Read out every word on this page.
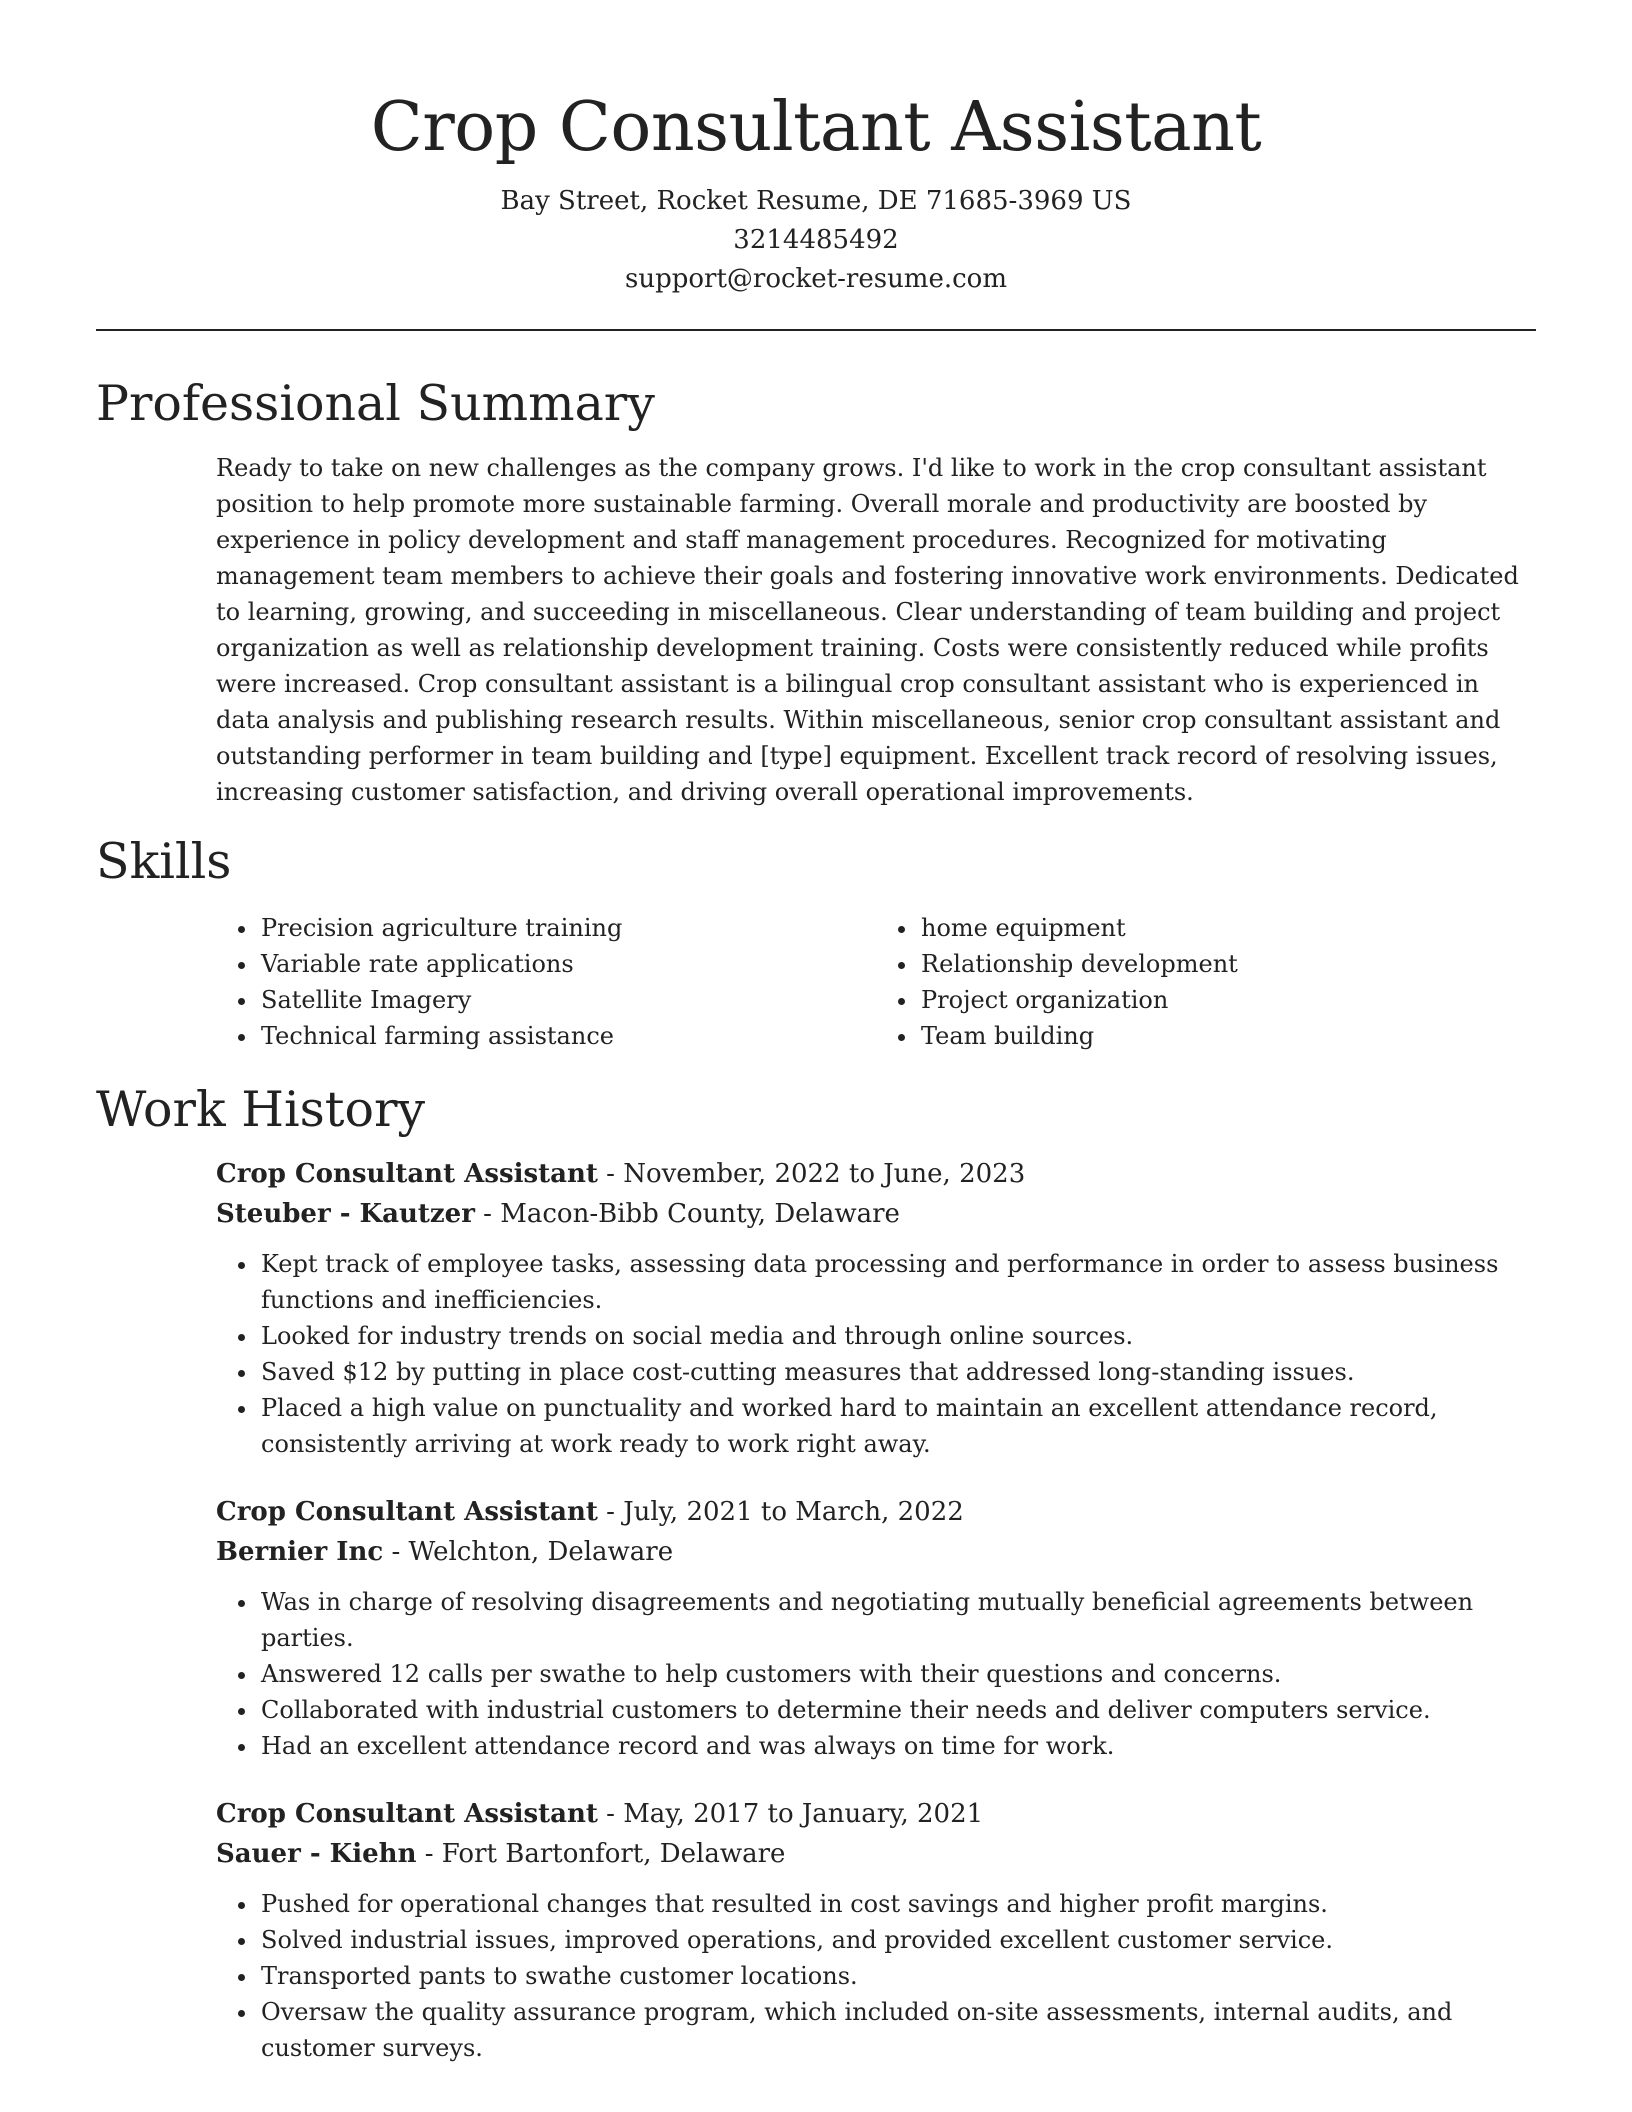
Crop Consultant Assistant
Bay Street, Rocket Resume, DE 71685-3969 US
3214485492
support@rocket-resume.com
Professional Summary

Ready to take on new challenges as the company grows. I'd like to work in the crop consultant assistant position to help promote more sustainable farming. Overall morale and productivity are boosted by experience in policy development and staff management procedures. Recognized for motivating management team members to achieve their goals and fostering innovative work environments. Dedicated to learning, growing, and succeeding in miscellaneous. Clear understanding of team building and project organization as well as relationship development training. Costs were consistently reduced while profits were increased. Crop consultant assistant is a bilingual crop consultant assistant who is experienced in data analysis and publishing research results. Within miscellaneous, senior crop consultant assistant and outstanding performer in team building and [type] equipment. Excellent track record of resolving issues, increasing customer satisfaction, and driving overall operational improvements.

Skills
• Precision agriculture training
• Variable rate applications
• Satellite Imagery
• Technical farming assistance
• home equipment
• Relationship development
• Project organization
• Team building
Work History
Crop Consultant Assistant - November, 2022 to June, 2023
Steuber - Kautzer - Macon-Bibb County, Delaware
• Kept track of employee tasks, assessing data processing and performance in order to assess business functions and inefficiencies.
• Looked for industry trends on social media and through online sources.
• Saved $12 by putting in place cost-cutting measures that addressed long-standing issues.
• Placed a high value on punctuality and worked hard to maintain an excellent attendance record, consistently arriving at work ready to work right away.
Crop Consultant Assistant - July, 2021 to March, 2022
Bernier Inc - Welchton, Delaware
• Was in charge of resolving disagreements and negotiating mutually beneficial agreements between parties.
• Answered 12 calls per swathe to help customers with their questions and concerns.
• Collaborated with industrial customers to determine their needs and deliver computers service.
• Had an excellent attendance record and was always on time for work.
Crop Consultant Assistant - May, 2017 to January, 2021
Sauer - Kiehn - Fort Bartonfort, Delaware
• Pushed for operational changes that resulted in cost savings and higher profit margins.
• Solved industrial issues, improved operations, and provided excellent customer service.
• Transported pants to swathe customer locations.
• Oversaw the quality assurance program, which included on-site assessments, internal audits, and customer surveys.
